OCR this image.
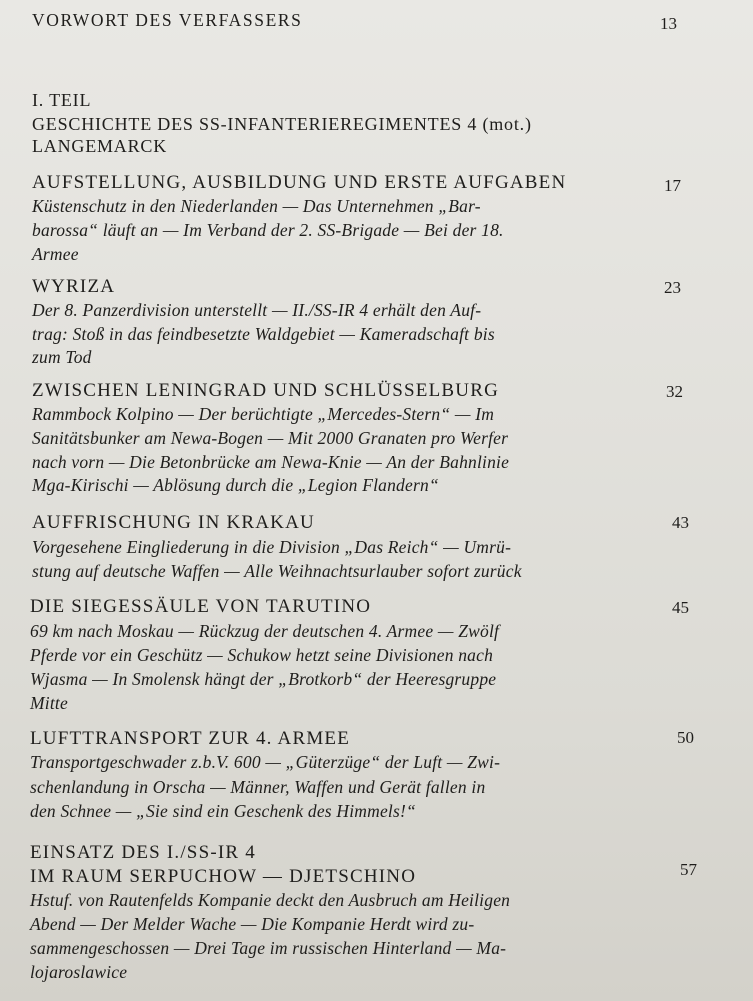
VORWORT DES VERFASSERS	13
I. TEIL
GESCHICHTE DES SS-INFANTERIEREGIMENTES 4 (mot.)
LANGEMARCK
AUFSTELLUNG, AUSBILDUNG UND ERSTE AUFGABEN	17
Küstenschutz in den Niederlanden — Das Unternehmen „Bar-
barossa“ läuft an — Im Verband der 2. SS-Brigade — Bei der 18.
Armee
WYRIZA	23
Der 8. Panzerdivision unterstellt — II./SS-IR 4 erhält den Auf-
trag: Stoß in das feindbesetzte Waldgebiet — Kameradschaft bis
zum Tod
ZWISCHEN LENINGRAD UND SCHLÜSSELBURG	32
Rammbock Kolpino — Der berüchtigte „Mercedes-Stern“ — Im
Sanitätsbunker am Newa-Bogen — Mit 2000 Granaten pro Werfer
nach vorn — Die Betonbrücke am Newa-Knie — An der Bahnlinie
Mga-Kirischi — Ablösung durch die „Legion Flandern“
AUFFRISCHUNG IN KRAKAU	43
Vorgesehene Eingliederung in die Division „Das Reich“ — Umrü-
stung auf deutsche Waffen — Alle Weihnachtsurlauber sofort zurück
DIE SIEGESSÄULE VON TARUTINO	45
69 km nach Moskau — Rückzug der deutschen 4. Armee — Zwölf
Pferde vor ein Geschütz — Schukow hetzt seine Divisionen nach
Wjasma — In Smolensk hängt der „Brotkorb“ der Heeresgruppe
Mitte
LUFTTRANSPORT ZUR 4. ARMEE	50
Transportgeschwader z.b.V. 600 — „Güterzüge“ der Luft — Zwi-
schenlandung in Orscha — Männer, Waffen und Gerät fallen in
den Schnee — „Sie sind ein Geschenk des Himmels!“
EINSATZ DES I./SS-IR 4
IM RAUM SERPUCHOW — DJETSCHINO	57
Hstuf. von Rautenfelds Kompanie deckt den Ausbruch am Heiligen
Abend — Der Melder Wache — Die Kompanie Herdt wird zu-
sammengeschossen — Drei Tage im russischen Hinterland — Ma-
lojaroslawice
